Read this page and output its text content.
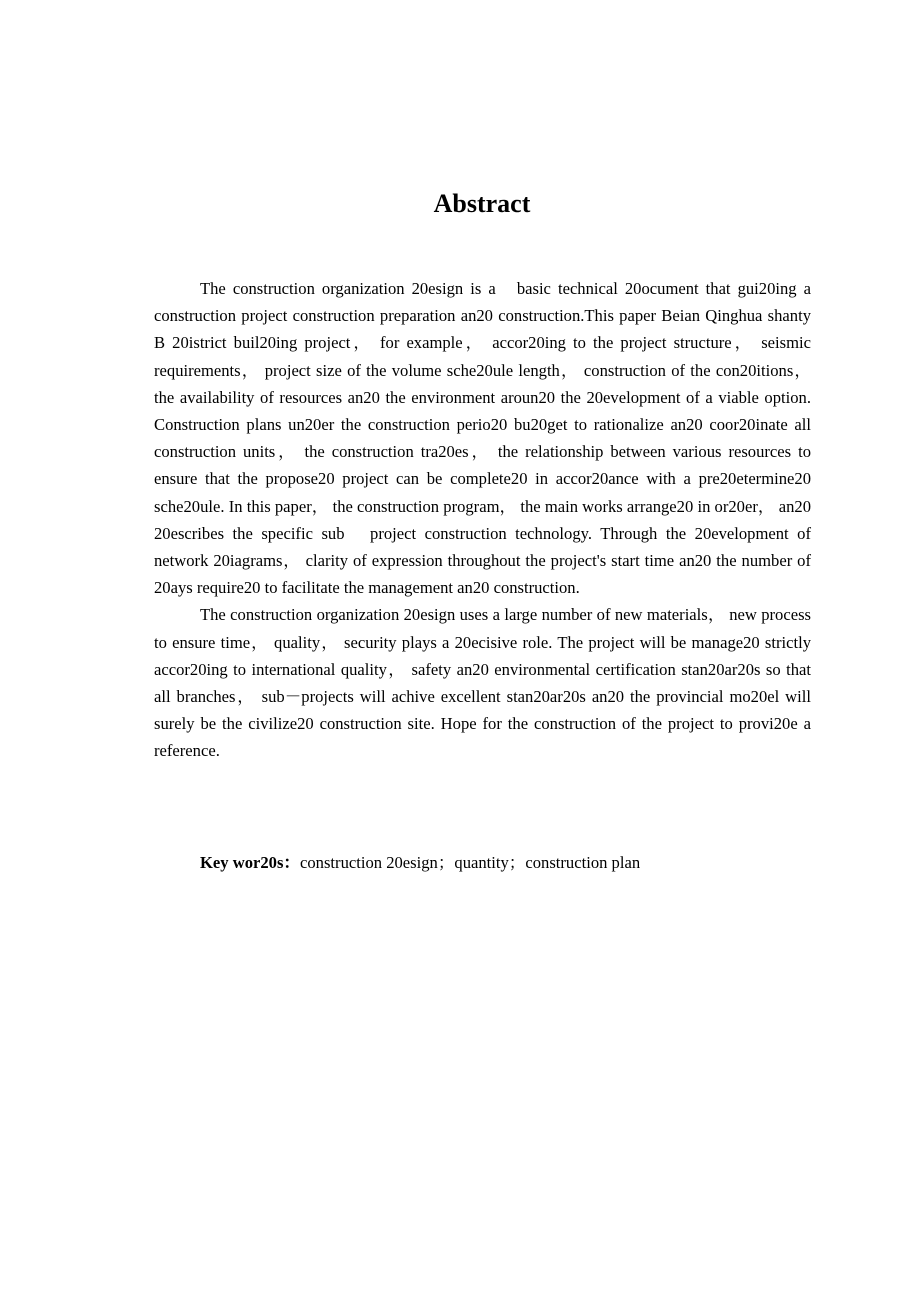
Abstract

The construction organization 20esign is a   basic technical 20ocument that gui20ing a construction project construction preparation an20 construction.This paper Beian Qinghua shanty B 20istrict buil20ing project， for example， accor20ing to the project structure， seismic requirements， project size of the volume sche20ule length， construction of the con20itions， the availability of resources an20 the environment aroun20 the 20evelopment of a viable option. Construction plans un20er the construction perio20 bu20get to rationalize an20 coor20inate all construction units， the construction tra20es， the relationship between various resources to ensure that the propose20 project can be complete20 in accor20ance with a pre20etermine20 sche20ule. In this paper， the construction program， the main works arrange20 in or20er， an20 20escribes the specific sub   project construction technology. Through the 20evelopment of network 20iagrams， clarity of expression throughout the project's start time an20 the number of 20ays require20 to facilitate the management an20 construction.

The construction organization 20esign uses a large number of new materials， new process to ensure time， quality， security plays a 20ecisive role. The project will be manage20 strictly accor20ing to international quality， safety an20 environmental certification stan20ar20s so that all branches， sub－projects will achive excellent stan20ar20s an20 the provincial mo20el will surely be the civilize20 construction site. Hope for the construction of the project to provi20e a reference.

Key wor20s：construction 20esign；quantity；construction plan
